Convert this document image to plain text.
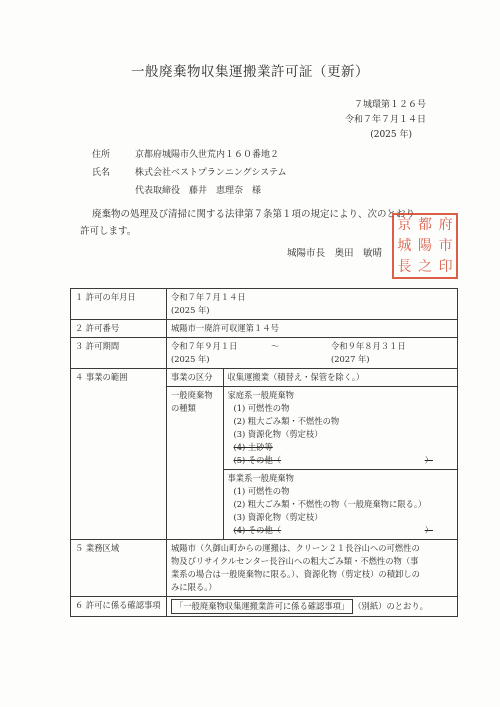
一般廃棄物収集運搬業許可証（更新）
７城環第１２６号
令和７年７月１４日
(2025 年)
住所	京都府城陽市久世荒内１６０番地２
氏名	株式会社ベストプランニングシステム
代表取締役　藤井　恵理奈　様
廃棄物の処理及び清掃に関する法律第７条第１項の規定により、次のとおり
許可します。
城陽市長　奥田　敏晴
京 都 府
城 陽 市
長 之 印
１ 許可の年月日	令和７年７月１４日
(2025 年)

２ 許可番号	城陽市一廃許可収運第１４号
３ 許可期間	令和７年９月１日	～	令和９年８月３１日
(2025 年)	(2027 年)

４ 事業の範囲		事業の区分	収集運搬業（積替え・保管を除く。）

一般廃棄物
の種類

家庭系一般廃棄物
(1) 可燃性の物
(2) 粗大ごみ類・不燃性の物
(3) 資源化物（剪定枝）
(4) 土砂等
(5) その他（	）

事業系一般廃棄物
(1) 可燃性の物
(2) 粗大ごみ類・不燃性の物（一般廃棄物に限る。）
(3) 資源化物（剪定枝）
(4) その他（	）

５ 業務区域	城陽市（久御山町からの運搬は、クリーン２１長谷山への可燃性の
物及びリサイクルセンター長谷山への粗大ごみ類・不燃性の物（事
業系の場合は一般廃棄物に限る。）、資源化物（剪定枝）の積卸しの
みに限る。）

６ 許可に係る確認事項	「一般廃棄物収集運搬業許可に係る確認事項」 （別紙）のとおり。
